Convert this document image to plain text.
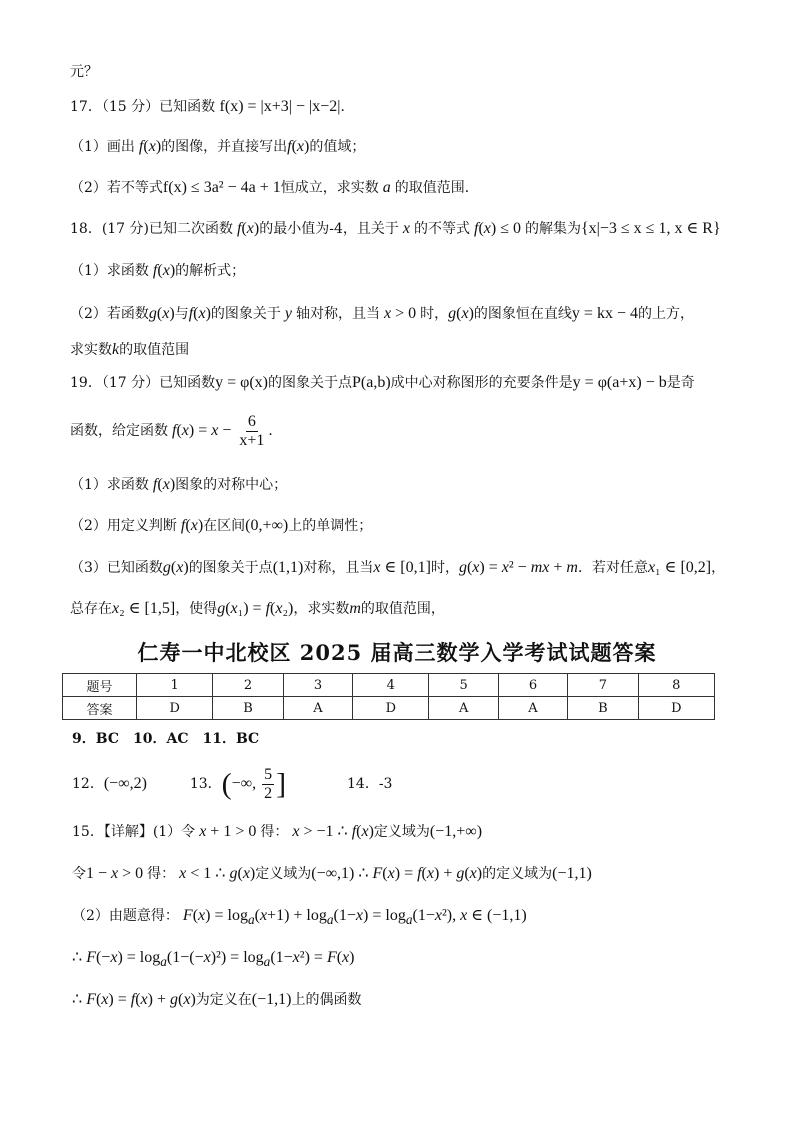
元？
17．（15 分）已知函数 f(x) = |x+3| − |x−2|．
（1）画出 f(x)的图像，并直接写出f(x)的值域；
（2）若不等式f(x) ≤ 3a² − 4a + 1恒成立，求实数 a 的取值范围．
18．(17 分)已知二次函数 f(x)的最小值为-4，且关于 x 的不等式 f(x) ≤ 0 的解集为{x|−3 ≤ x ≤ 1, x ∈ R}
（1）求函数 f(x)的解析式；
（2）若函数g(x)与f(x)的图象关于 y 轴对称，且当 x > 0 时，g(x)的图象恒在直线y = kx − 4的上方，
求实数k的取值范围
19．（17 分）已知函数y = φ(x)的图象关于点P(a,b)成中心对称图形的充要条件是y = φ(a+x) − b是奇
函数，给定函数 $f(x) = x - \frac{6}{x+1}$ ．
（1）求函数 f(x)图象的对称中心；
（2）用定义判断 f(x)在区间(0,+∞)上的单调性；
（3）已知函数g(x)的图象关于点(1,1)对称，且当x ∈ [0,1]时，g(x) = x² − mx + m．若对任意x₁ ∈ [0,2]，
总存在x₂ ∈ [1,5]，使得g(x₁) = f(x₂)，求实数m的取值范围，
仁寿一中北校区 2025 届高三数学入学考试试题答案
题号	1	2	3	4	5	6	7	8
答案	D	B	A	D	A	A	B	D
9．BC　10．AC　11．BC
12．(−∞,2)	13．(−∞, $\frac{5}{2}$ ]	14．-3
15．【详解】(1）令 x + 1 > 0 得： x > −1 ∴ f(x)定义域为(−1,+∞)
令1 − x > 0 得： x < 1 ∴ g(x)定义域为(−∞,1) ∴ F(x) = f(x) + g(x)的定义域为(−1,1)
（2）由题意得： $F(x) = \log_a(x+1) + \log_a(1-x) = \log_a(1-x^2)$, x ∈ (−1,1)
∴ $F(-x) = \log_a(1-(-x)^2) = \log_a(1-x^2) = F(x)$
∴ F(x) = f(x) + g(x)为定义在(−1,1)上的偶函数
